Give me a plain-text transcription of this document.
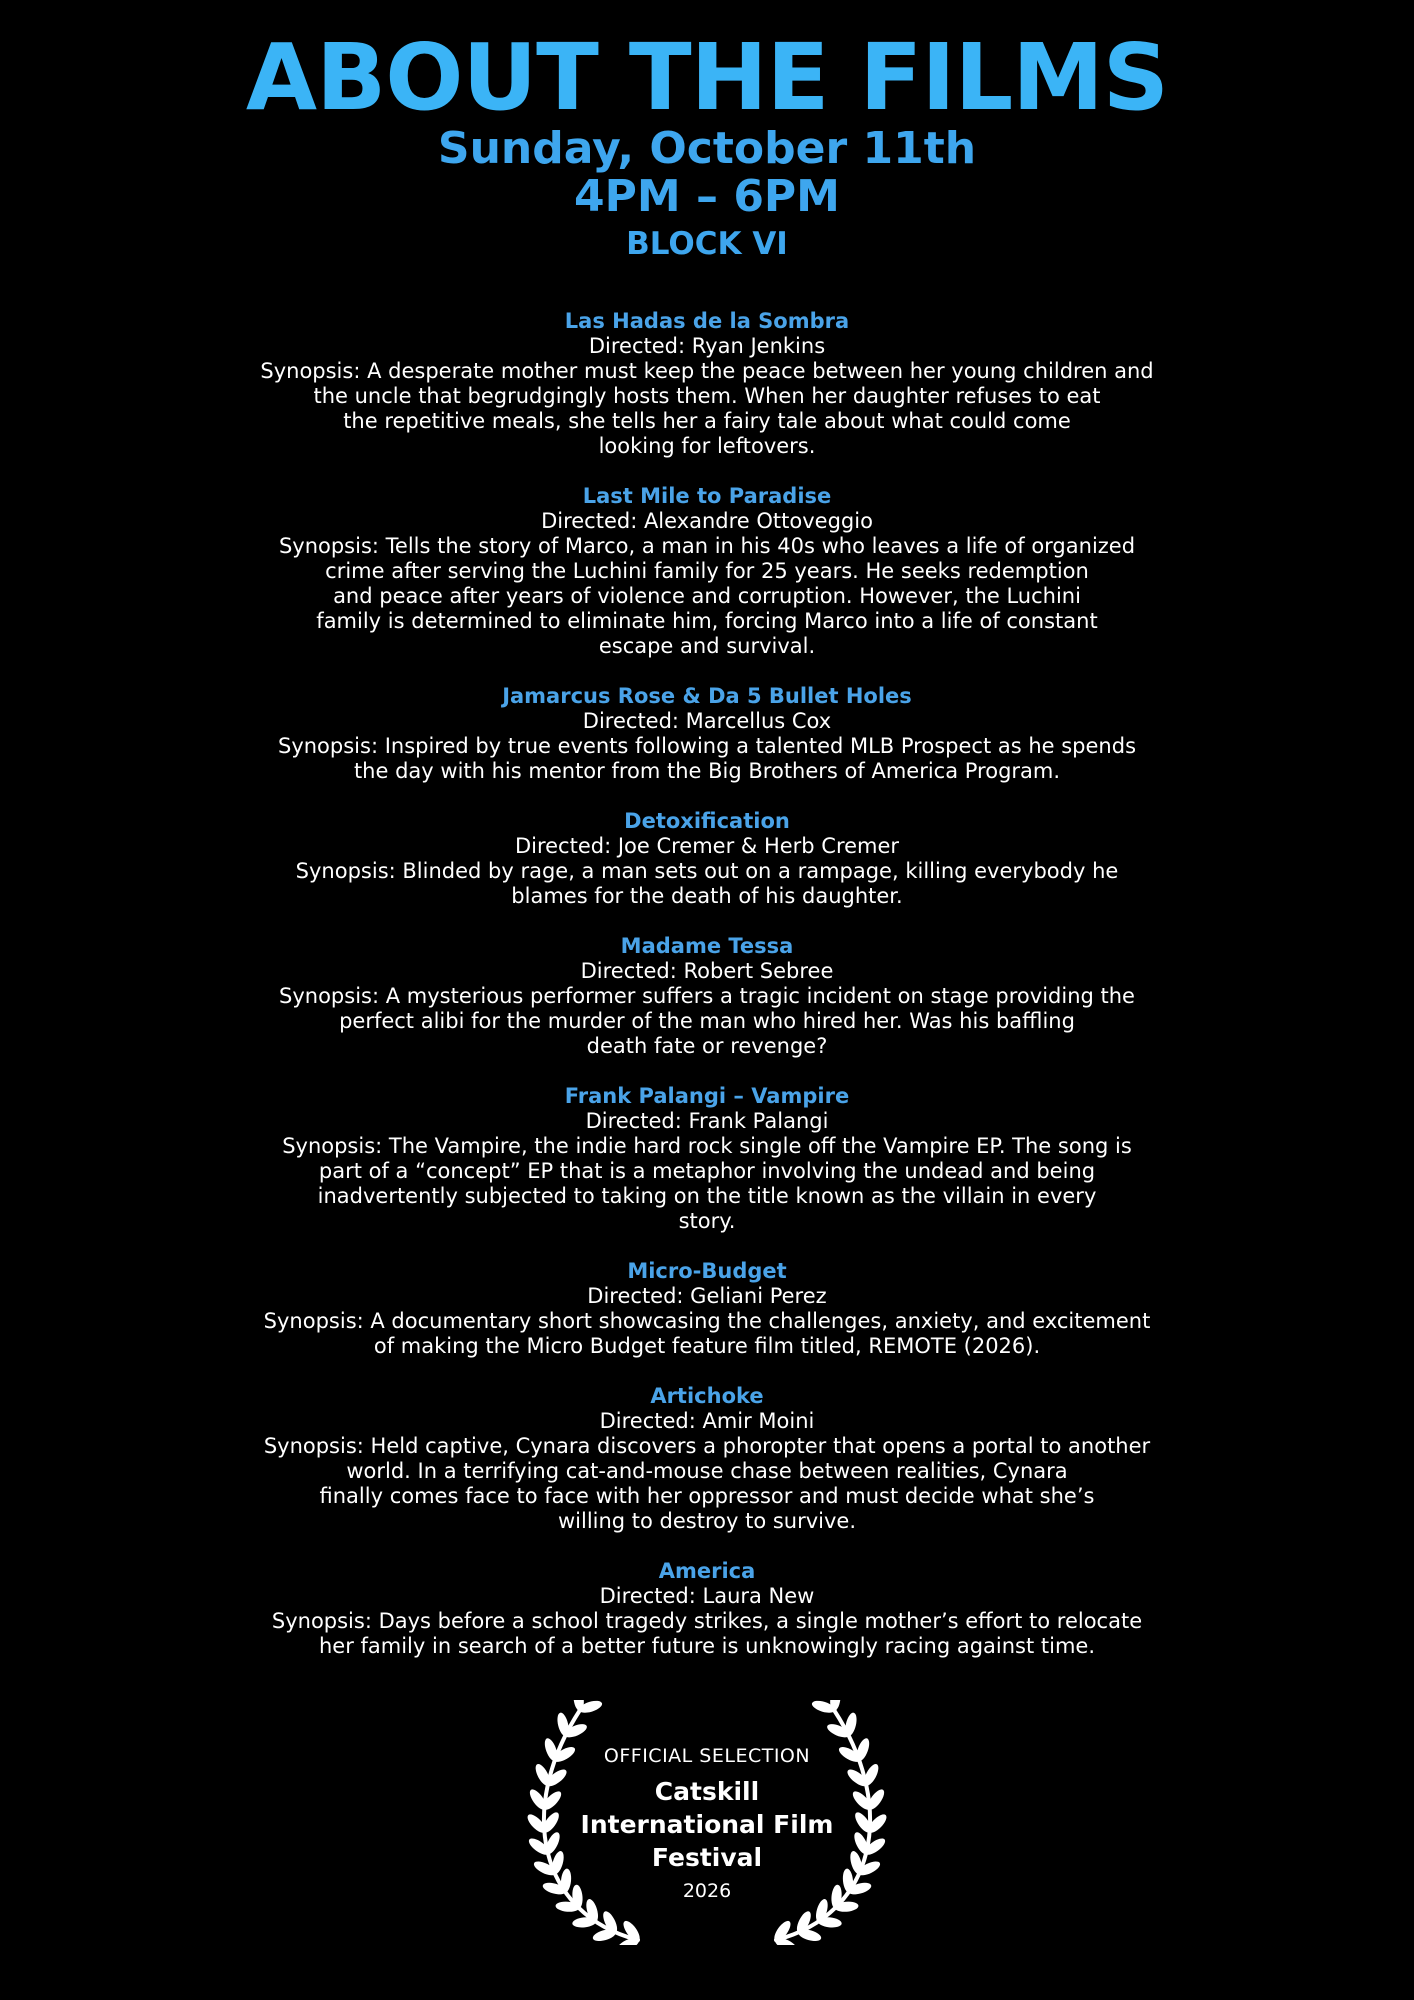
ABOUT THE FILMS
Sunday, October 11th
4PM – 6PM
BLOCK VI
Las Hadas de la Sombra
Directed: Ryan Jenkins
Synopsis: A desperate mother must keep the peace between her young children and
the uncle that begrudgingly hosts them. When her daughter refuses to eat
the repetitive meals, she tells her a fairy tale about what could come
looking for leftovers.
Last Mile to Paradise
Directed: Alexandre Ottoveggio
Synopsis: Tells the story of Marco, a man in his 40s who leaves a life of organized
crime after serving the Luchini family for 25 years. He seeks redemption
and peace after years of violence and corruption. However, the Luchini
family is determined to eliminate him, forcing Marco into a life of constant
escape and survival.
Jamarcus Rose & Da 5 Bullet Holes
Directed: Marcellus Cox
Synopsis: Inspired by true events following a talented MLB Prospect as he spends
the day with his mentor from the Big Brothers of America Program.
Detoxification
Directed: Joe Cremer & Herb Cremer
Synopsis: Blinded by rage, a man sets out on a rampage, killing everybody he
blames for the death of his daughter.
Madame Tessa
Directed: Robert Sebree
Synopsis: A mysterious performer suffers a tragic incident on stage providing the
perfect alibi for the murder of the man who hired her. Was his baffling
death fate or revenge?
Frank Palangi – Vampire
Directed: Frank Palangi
Synopsis: The Vampire, the indie hard rock single off the Vampire EP. The song is
part of a “concept” EP that is a metaphor involving the undead and being
inadvertently subjected to taking on the title known as the villain in every
story.
Micro-Budget
Directed: Geliani Perez
Synopsis: A documentary short showcasing the challenges, anxiety, and excitement
of making the Micro Budget feature film titled, REMOTE (2026).
Artichoke
Directed: Amir Moini
Synopsis: Held captive, Cynara discovers a phoropter that opens a portal to another
world. In a terrifying cat-and-mouse chase between realities, Cynara
finally comes face to face with her oppressor and must decide what she’s
willing to destroy to survive.
America
Directed: Laura New
Synopsis: Days before a school tragedy strikes, a single mother’s effort to relocate
her family in search of a better future is unknowingly racing against time.
OFFICIAL SELECTION
Catskill
International Film
Festival
2026
